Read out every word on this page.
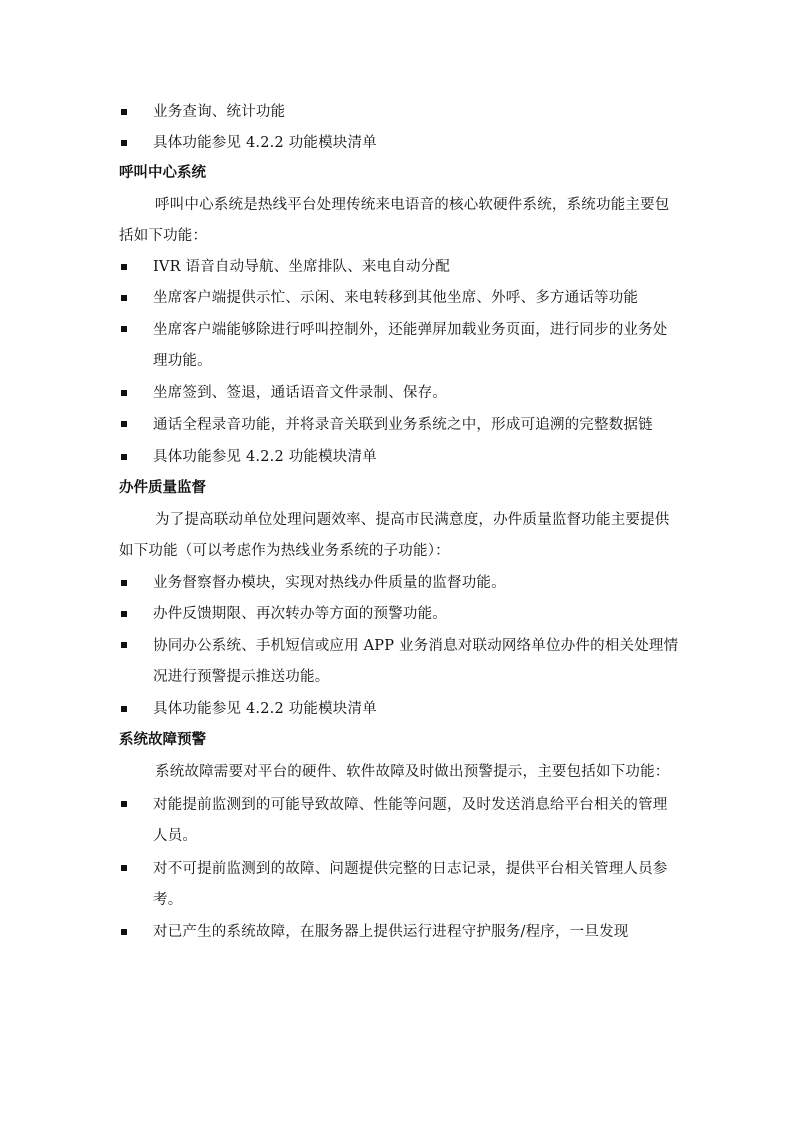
业务查询、统计功能
具体功能参见 4.2.2 功能模块清单
呼叫中心系统

呼叫中心系统是热线平台处理传统来电语音的核心软硬件系统，系统功能主要包括如下功能：

IVR 语音自动导航、坐席排队、来电自动分配
坐席客户端提供示忙、示闲、来电转移到其他坐席、外呼、多方通话等功能
坐席客户端能够除进行呼叫控制外，还能弹屏加载业务页面，进行同步的业务处理功能。
坐席签到、签退，通话语音文件录制、保存。
通话全程录音功能，并将录音关联到业务系统之中，形成可追溯的完整数据链
具体功能参见 4.2.2 功能模块清单
办件质量监督

为了提高联动单位处理问题效率、提高市民满意度，办件质量监督功能主要提供如下功能（可以考虑作为热线业务系统的子功能）：

业务督察督办模块，实现对热线办件质量的监督功能。
办件反馈期限、再次转办等方面的预警功能。
协同办公系统、手机短信或应用 APP 业务消息对联动网络单位办件的相关处理情况进行预警提示推送功能。
具体功能参见 4.2.2 功能模块清单
系统故障预警

系统故障需要对平台的硬件、软件故障及时做出预警提示，主要包括如下功能：

对能提前监测到的可能导致故障、性能等问题，及时发送消息给平台相关的管理人员。
对不可提前监测到的故障、问题提供完整的日志记录，提供平台相关管理人员参考。
对已产生的系统故障，在服务器上提供运行进程守护服务/程序，一旦发现
